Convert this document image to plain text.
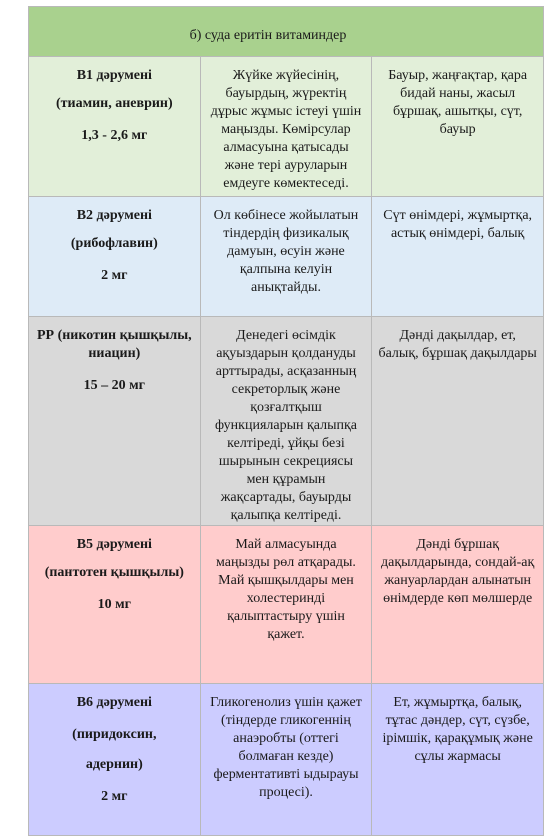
б) суда еритін витаминдер		

В1 дәрумені
(тиамин, аневрин)
1,3 - 2,6 мг	Жүйке жүйесінің, бауырдың, жүректің дұрыс жұмыс істеуі үшін маңызды. Көмірсулар алмасуына қатысады және тері ауруларын емдеуге көмектеседі.	Бауыр, жаңғақтар, қара бидай наны, жасыл бұршақ, ашытқы, сүт, бауыр

В2 дәрумені
(рибофлавин)
2 мг	Ол көбінесе жойылатын тіндердің физикалық дамуын, өсуін және қалпына келуін анықтайды.	Сүт өнімдері, жұмыртқа, астық өнімдері, балық

РР (никотин қышқылы, ниацин)
15 – 20 мг	Денедегі өсімдік ақуыздарын қолдануды арттырады, асқазанның секреторлық және қозғалтқыш функцияларын қалыпқа келтіреді, ұйқы безі шырынын секрециясы мен құрамын жақсартады, бауырды қалыпқа келтіреді.	Дәнді дақылдар, ет, балық, бұршақ дақылдары

В5 дәрумені
(пантотен қышқылы)
10 мг	Май алмасуында маңызды рөл атқарады. Май қышқылдары мен холестеринді қалыптастыру үшін қажет.	Дәнді бұршақ дақылдарында, сондай-ақ жануарлардан алынатын өнімдерде көп мөлшерде

В6 дәрумені
(пиридоксин,
адернин)
2 мг	Гликогенолиз үшін қажет (тіндерде гликогеннің анаэробты (оттегі болмаған кезде) ферментативті ыдырауы процесі).	Ет, жұмыртқа, балық, тұтас дәндер, сүт, сүзбе, ірімшік, қарақұмық және сұлы жармасы
